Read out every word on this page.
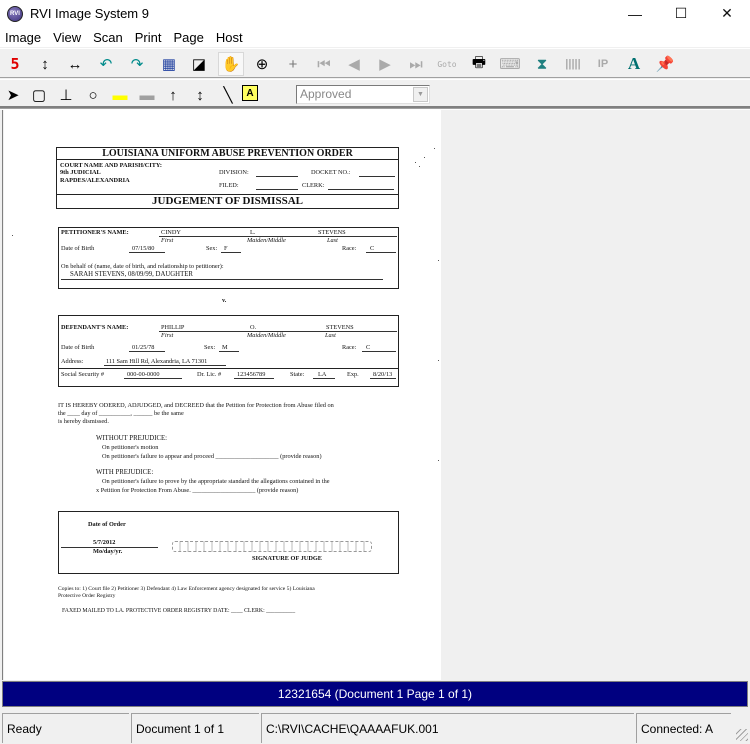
RVI RVI Image System 9	—	☐	✕
Image View Scan Print Page Host
5	↕	↔	↶	↷	▦	◪	✋	⊕	+	⏮	◀	▶	⏭	Goto	🖶 ⌨	⧗	|||||	IP	A	📌
Approved	▼
➤ ▢ ⊥	○ ▬ ▬ ↑	↕	╲	A
LOUISIANA UNIFORM ABUSE PREVENTION ORDER
COURT NAME AND PARISH/CITY:
9th JUDICIAL
RAPDES/ALEXANDRIA
DIVISION:	DOCKET NO.:
FILED:	CLERK:
JUDGEMENT OF DISMISSAL
PETITIONER'S NAME:	CINDY	L.	STEVENS
First	Maiden/Middle	Last
Date of Birth	07/15/80	Sex: F	Race: C
On behalf of (name, date of birth, and relationship to petitioner):
SARAH STEVENS, 08/09/99, DAUGHTER
v.
DEFENDANT'S NAME:	PHILLIP	O.	STEVENS
First	Maiden/Middle	Last
Date of Birth	01/25/78	Sex: M	Race: C
Address:	111 Sam Hill Rd, Alexandria, LA 71301
Social Security #	000-00-0000	Dr. Lic. #	123456789	State: LA	Exp. 8/20/13
IT IS HEREBY ODERED, ADJUDGED, and DECREED that the Petition for Protection from Abuse filed on
the ____ day of __________, ______ be the same
is hereby dismissed.
WITHOUT PREJUDICE:
On petitioner's motion
On petitioner's failure to appear and proceed ____________________ (provide reason)
WITH PREJUDICE:
On petitioner's failure to prove by the appropriate standard the allegations contained in the
x Petition for Protection From Abuse. ____________________ (provide reason)
Date of Order
5/7/2012
Mo/day/yr.
SIGNATURE OF JUDGE
Copies to: 1) Court file 2) Petitioner 3) Defendant 4) Law Enforcement agency designated for service 5) Louisiana
Protective Order Registry
FAXED MAILED TO LA. PROTECTIVE ORDER REGISTRY DATE: ____ CLERK: __________
12321654 (Document 1 Page 1 of 1)
Ready	Document 1 of 1	C:\RVI\CACHE\QAAAAFUK.001	Connected: A
